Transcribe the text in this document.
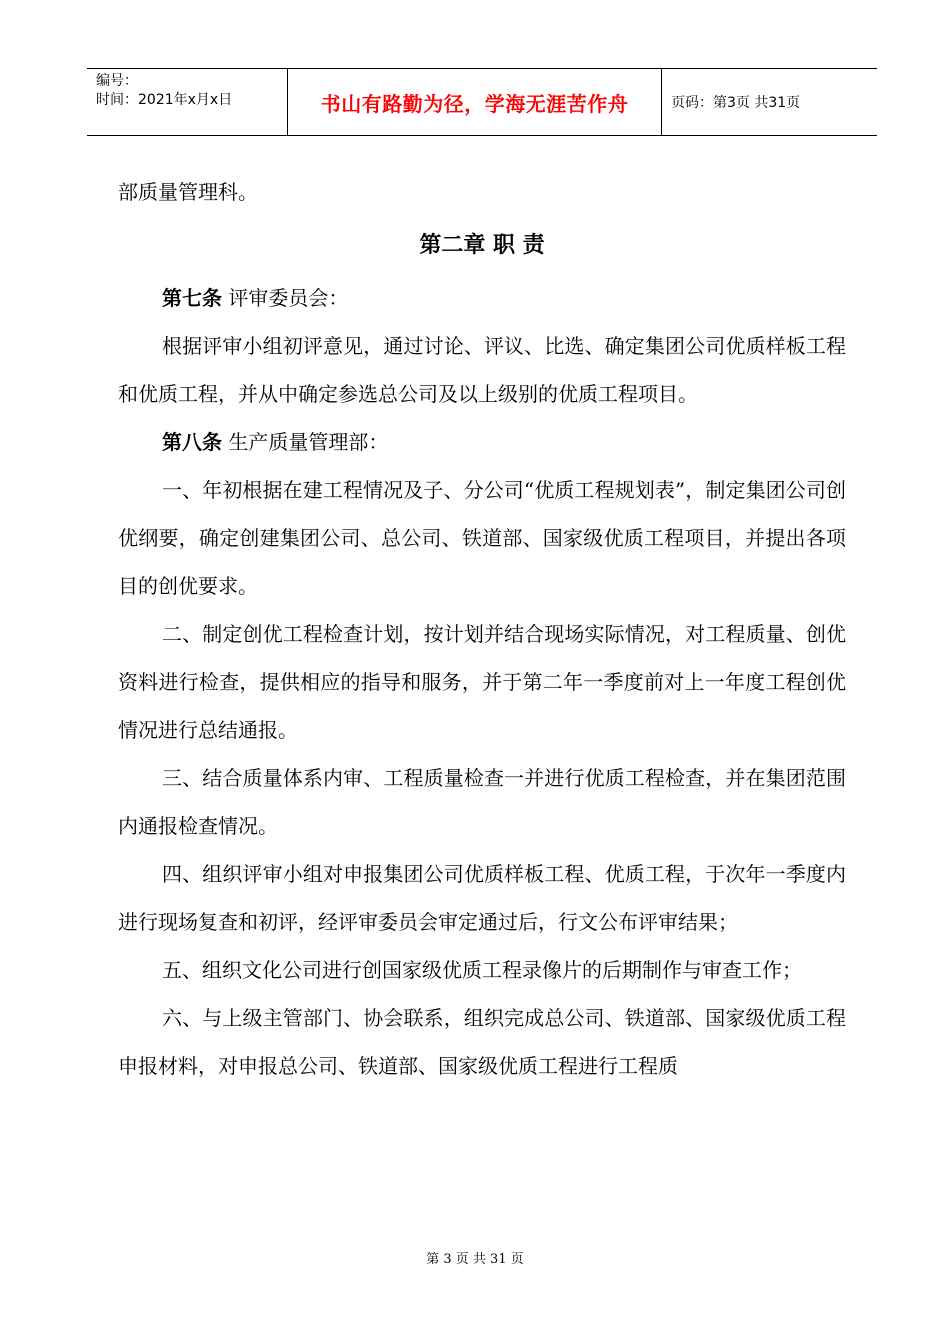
编号：
时间：2021年x月x日	书山有路勤为径，学海无涯苦作舟	页码：第3页 共31页

部质量管理科。

第二章 职 责

第七条 评审委员会：

根据评审小组初评意见，通过讨论、评议、比选、确定集团公司优质样板工程和优质工程，并从中确定参选总公司及以上级别的优质工程项目。

第八条 生产质量管理部：

一、年初根据在建工程情况及子、分公司“优质工程规划表”，制定集团公司创优纲要，确定创建集团公司、总公司、铁道部、国家级优质工程项目，并提出各项目的创优要求。

二、制定创优工程检查计划，按计划并结合现场实际情况，对工程质量、创优资料进行检查，提供相应的指导和服务，并于第二年一季度前对上一年度工程创优情况进行总结通报。

三、结合质量体系内审、工程质量检查一并进行优质工程检查，并在集团范围内通报检查情况。

四、组织评审小组对申报集团公司优质样板工程、优质工程，于次年一季度内进行现场复查和初评，经评审委员会审定通过后，行文公布评审结果；

五、组织文化公司进行创国家级优质工程录像片的后期制作与审查工作；

六、与上级主管部门、协会联系，组织完成总公司、铁道部、国家级优质工程申报材料，对申报总公司、铁道部、国家级优质工程进行工程质

第 3 页 共 31 页
